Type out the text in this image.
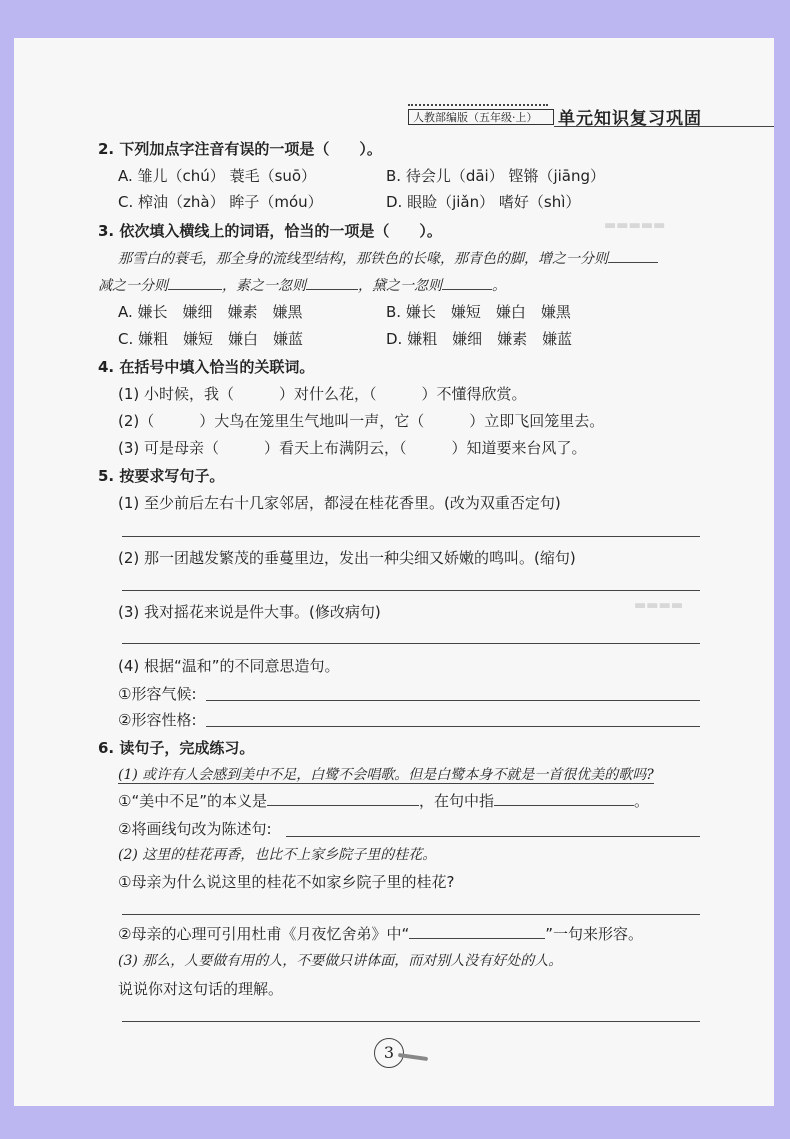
▬▬▬▬▬
▬▬▬▬
人教部编版（五年级·上）	单元知识复习巩固
2. 下列加点字注音有误的一项是（　　）。
A. 雏儿（chú） 蓑毛（suō）	B. 待会儿（dāi） 铿锵（jiāng）
C. 榨油（zhà） 眸子（móu）	D. 眼睑（jiǎn） 嗜好（shì）
3. 依次填入横线上的词语，恰当的一项是（　　）。
那雪白的蓑毛，那全身的流线型结构，那铁色的长喙，那青色的脚，增之一分则
减之一分则	，素之一忽则	，黛之一忽则	。
A. 嫌长　嫌细　嫌素　嫌黑	B. 嫌长　嫌短　嫌白　嫌黑
C. 嫌粗　嫌短　嫌白　嫌蓝	D. 嫌粗　嫌细　嫌素　嫌蓝
4. 在括号中填入恰当的关联词。
(1) 小时候，我（　　　）对什么花，（　　　）不懂得欣赏。
(2)（　　　）大鸟在笼里生气地叫一声，它（　　　）立即飞回笼里去。
(3) 可是母亲（　　　）看天上布满阴云，（　　　）知道要来台风了。
5. 按要求写句子。
(1) 至少前后左右十几家邻居，都浸在桂花香里。(改为双重否定句)
(2) 那一团越发繁茂的垂蔓里边，发出一种尖细又娇嫩的鸣叫。(缩句)
(3) 我对摇花来说是件大事。(修改病句)
(4) 根据“温和”的不同意思造句。
①形容气候:
②形容性格:
6. 读句子，完成练习。
(1) 或许有人会感到美中不足，白鹭不会唱歌。但是白鹭本身不就是一首很优美的歌吗?
①“美中不足”的本义是	，在句中指	。
②将画线句改为陈述句:
(2) 这里的桂花再香，也比不上家乡院子里的桂花。
①母亲为什么说这里的桂花不如家乡院子里的桂花?
②母亲的心理可引用杜甫《月夜忆舍弟》中“	”一句来形容。
(3) 那么，人要做有用的人，不要做只讲体面，而对别人没有好处的人。
说说你对这句话的理解。
3
